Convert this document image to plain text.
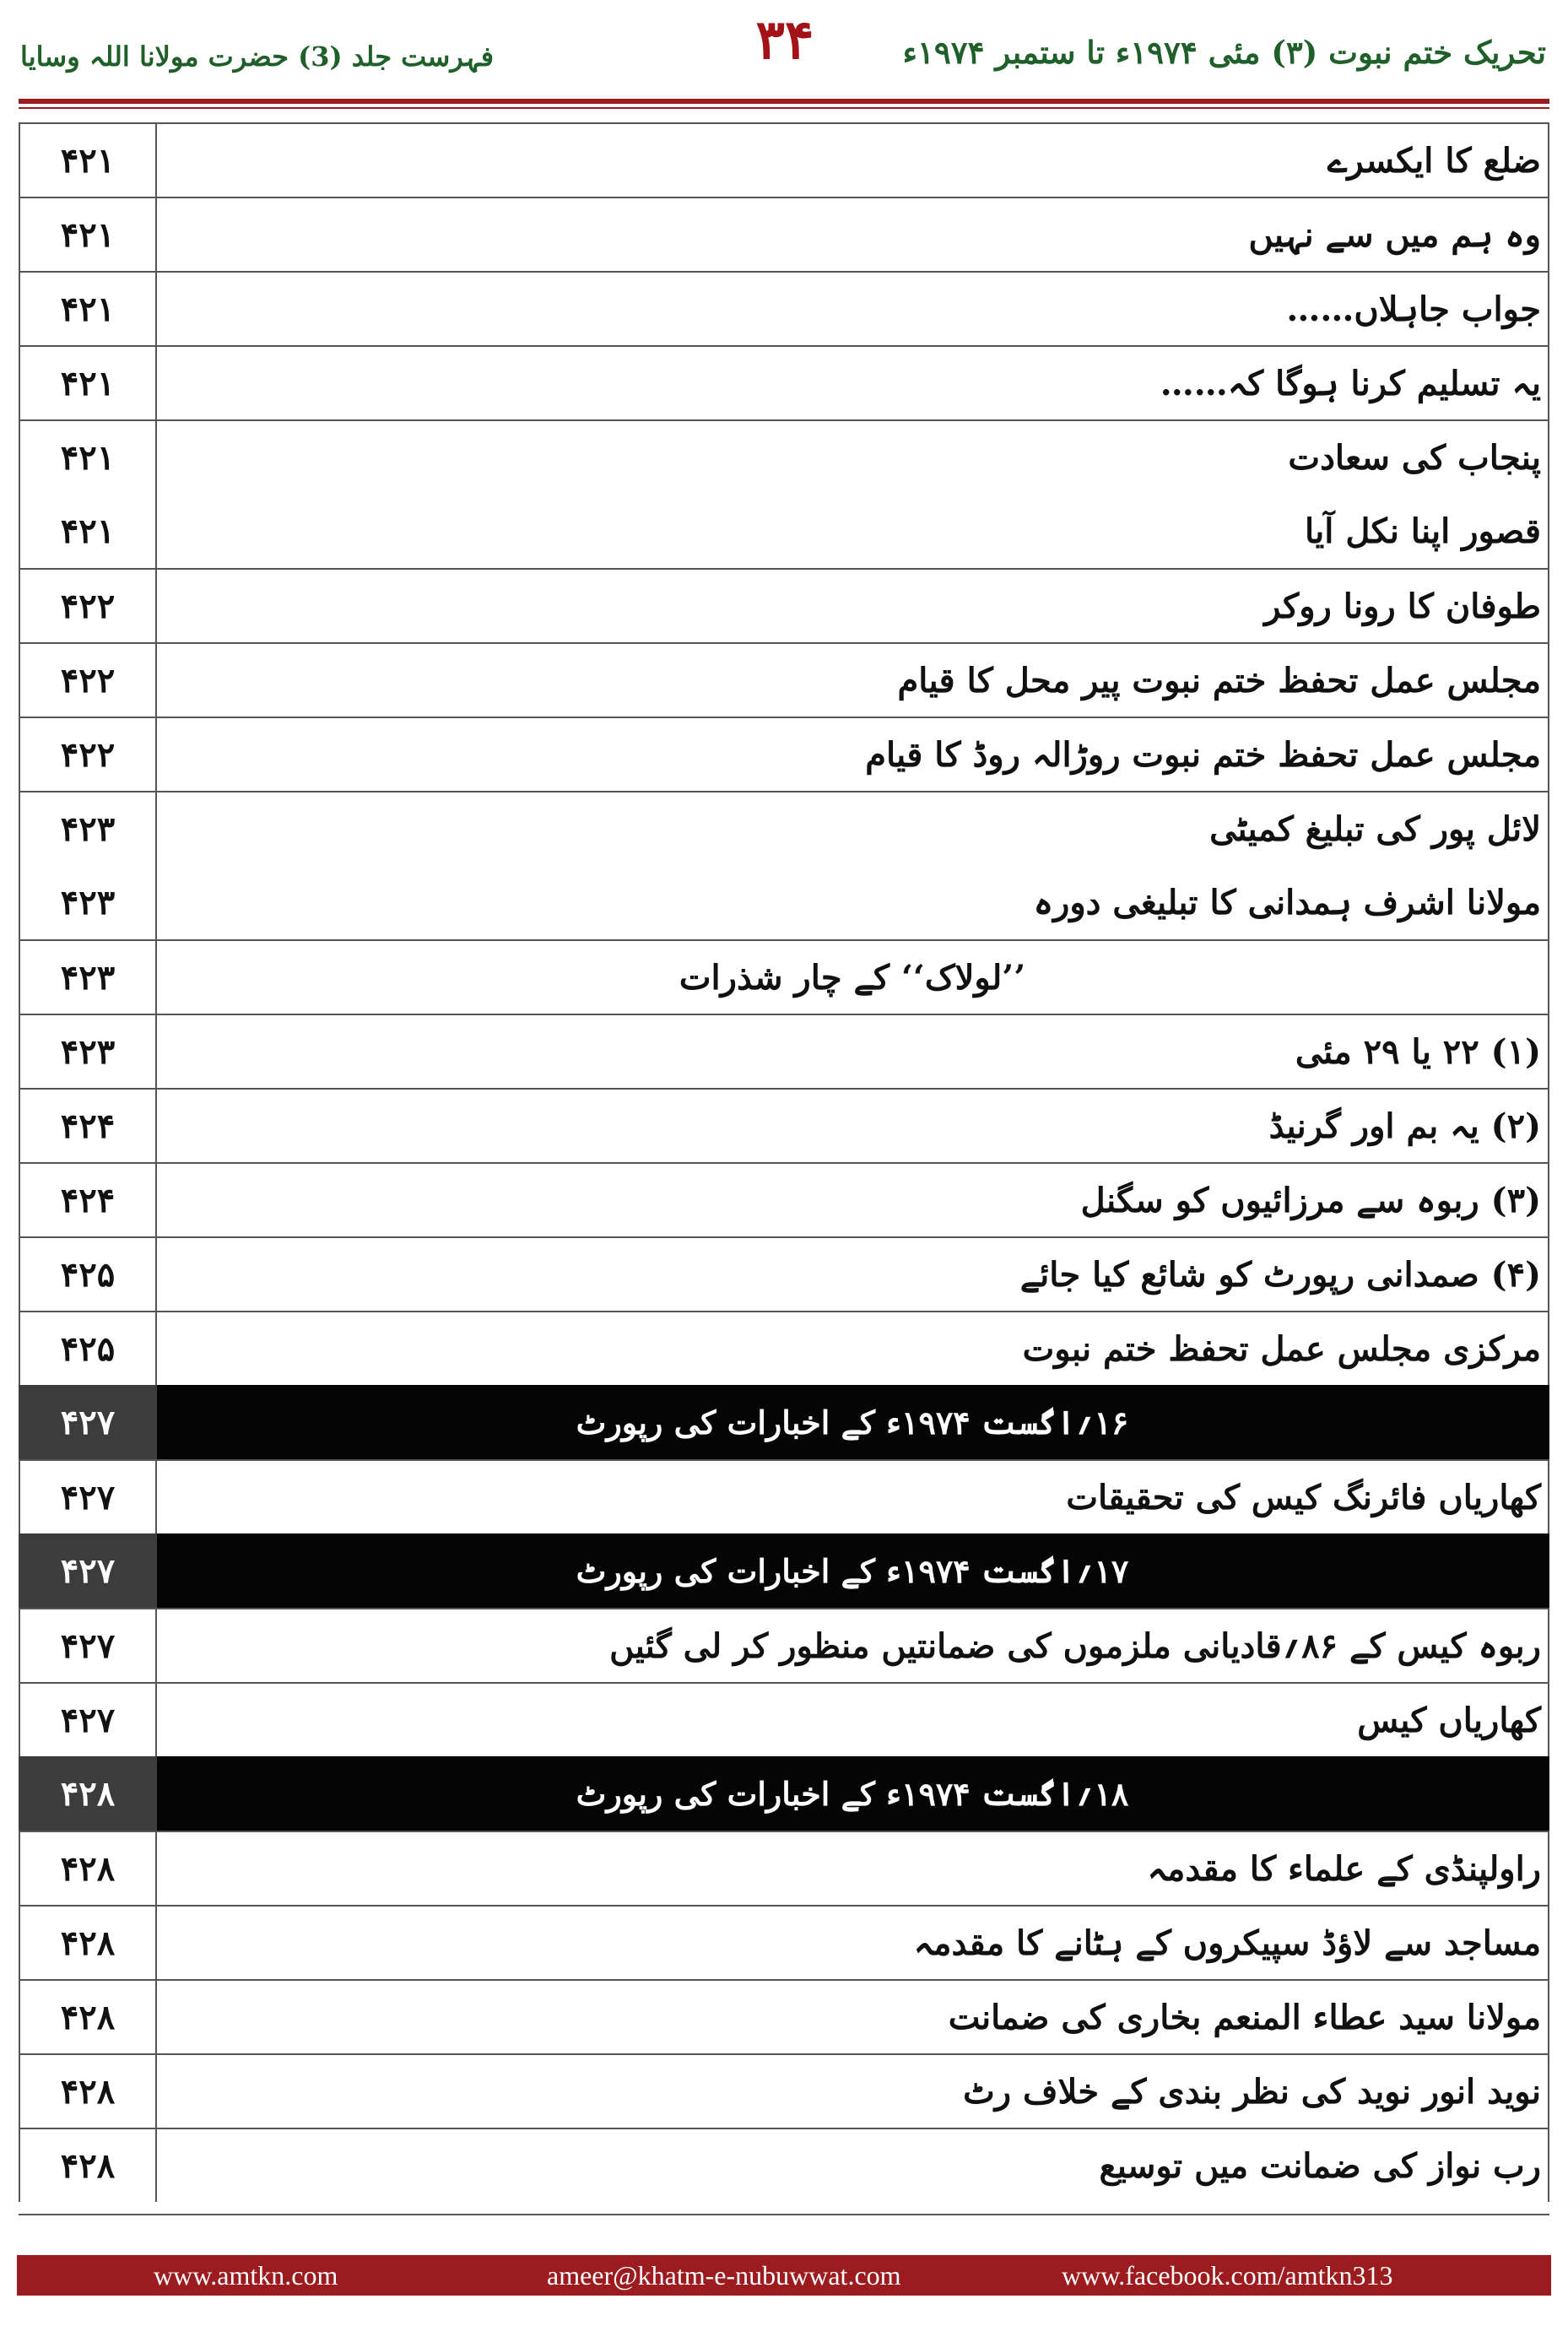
تحریک ختم نبوت (۳) مئی ۱۹۷۴ء تا ستمبر ۱۹۷۴ء
۳۴
فہرست جلد (3) حضرت مولانا اللہ وسایا
۴۲۱	ضلع کا ایکسرے
۴۲۱	وہ ہم میں سے نہیں
۴۲۱	جواب جاہلاں……
۴۲۱	یہ تسلیم کرنا ہوگا کہ……
۴۲۱	پنجاب کی سعادت
۴۲۱	قصور اپنا نکل آیا
۴۲۲	طوفان کا رونا روکر
۴۲۲	مجلس عمل تحفظ ختم نبوت پیر محل کا قیام
۴۲۲	مجلس عمل تحفظ ختم نبوت روڑالہ روڈ کا قیام
۴۲۳	لائل پور کی تبلیغ کمیٹی
۴۲۳	مولانا اشرف ہمدانی کا تبلیغی دورہ
۴۲۳	’’لولاک‘‘ کے چار شذرات
۴۲۳	(۱) ۲۲ یا ۲۹ مئی
۴۲۴	(۲) یہ بم اور گرنیڈ
۴۲۴	(۳) ربوہ سے مرزائیوں کو سگنل
۴۲۵	(۴) صمدانی رپورٹ کو شائع کیا جائے
۴۲۵	مرکزی مجلس عمل تحفظ ختم نبوت
۴۲۷	۱۶؍اگست ۱۹۷۴ء کے اخبارات کی رپورٹ
۴۲۷	کھاریاں فائرنگ کیس کی تحقیقات
۴۲۷	۱۷؍اگست ۱۹۷۴ء کے اخبارات کی رپورٹ
۴۲۷	ربوہ کیس کے ۸۶؍قادیانی ملزموں کی ضمانتیں منظور کر لی گئیں
۴۲۷	کھاریاں کیس
۴۲۸	۱۸؍اگست ۱۹۷۴ء کے اخبارات کی رپورٹ
۴۲۸	راولپنڈی کے علماء کا مقدمہ
۴۲۸	مساجد سے لاؤڈ سپیکروں کے ہٹانے کا مقدمہ
۴۲۸	مولانا سید عطاء المنعم بخاری کی ضمانت
۴۲۸	نوید انور نوید کی نظر بندی کے خلاف رٹ
۴۲۸	رب نواز کی ضمانت میں توسیع
www.amtkn.com	ameer@khatm-e-nubuwwat.com	www.facebook.com/amtkn313
